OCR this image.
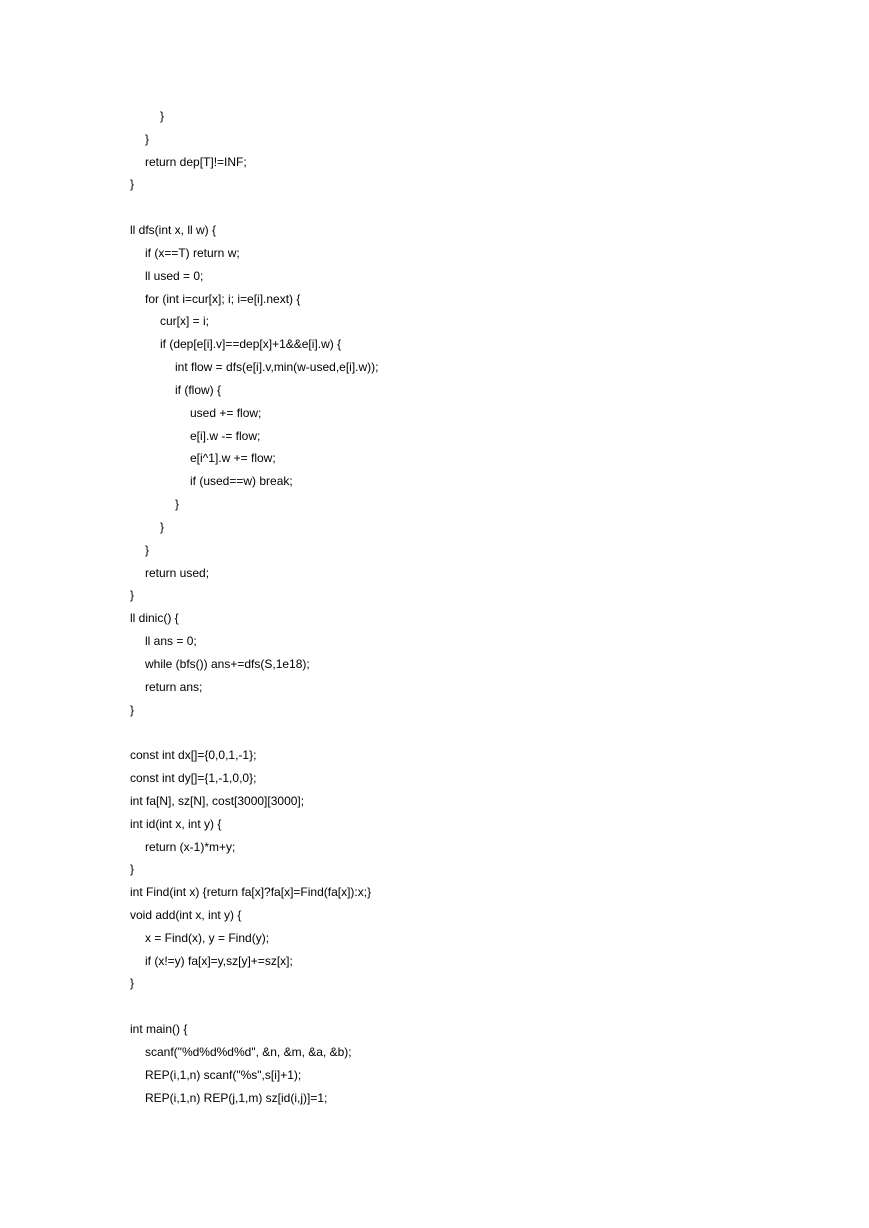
}
}
return dep[T]!=INF;
}
ll dfs(int x, ll w) {
if (x==T) return w;
ll used = 0;
for (int i=cur[x]; i; i=e[i].next) {
cur[x] = i;
if (dep[e[i].v]==dep[x]+1&&e[i].w) {
int flow = dfs(e[i].v,min(w-used,e[i].w));
if (flow) {
used += flow;
e[i].w -= flow;
e[i^1].w += flow;
if (used==w) break;
}
}
}
return used;
}
ll dinic() {
ll ans = 0;
while (bfs()) ans+=dfs(S,1e18);
return ans;
}
const int dx[]={0,0,1,-1};
const int dy[]={1,-1,0,0};
int fa[N], sz[N], cost[3000][3000];
int id(int x, int y) {
return (x-1)*m+y;
}
int Find(int x) {return fa[x]?fa[x]=Find(fa[x]):x;}
void add(int x, int y) {
x = Find(x), y = Find(y);
if (x!=y) fa[x]=y,sz[y]+=sz[x];
}
int main() {
scanf("%d%d%d%d", &n, &m, &a, &b);
REP(i,1,n) scanf("%s",s[i]+1);
REP(i,1,n) REP(j,1,m) sz[id(i,j)]=1;
